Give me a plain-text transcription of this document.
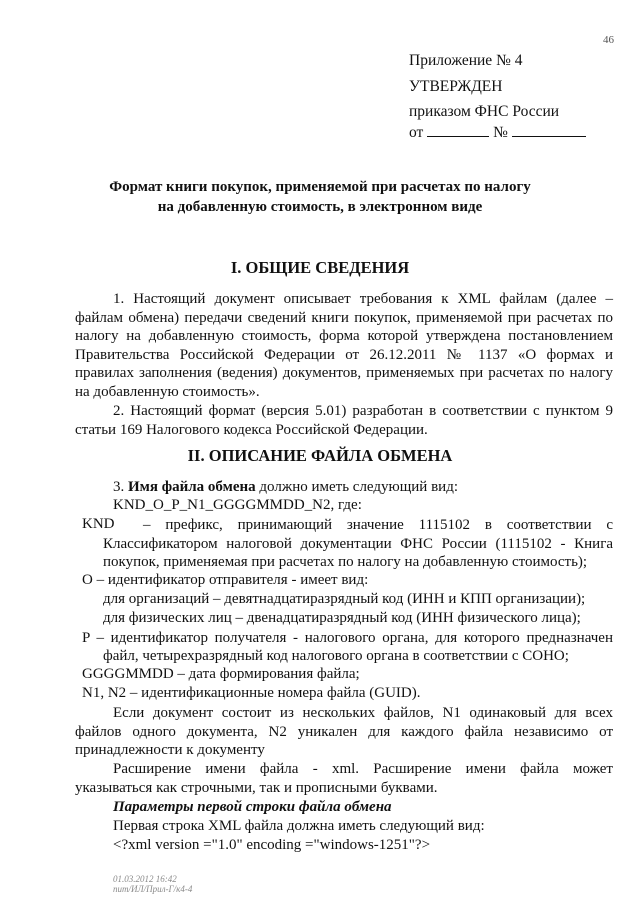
46
Приложение № 4
УТВЕРЖДЕН
приказом ФНС России
от	№
Формат книги покупок, применяемой при расчетах по налогу
на добавленную стоимость, в электронном виде
I. ОБЩИЕ СВЕДЕНИЯ
1. Настоящий документ описывает требования к XML файлам (далее –
файлам обмена) передачи сведений книги покупок, применяемой при расчетах по
налогу на добавленную стоимость, форма которой утверждена постановлением
Правительства Российской Федерации от 26.12.2011 № 1137 «О формах и
правилах заполнения (ведения) документов, применяемых при расчетах по налогу
на добавленную стоимость».
2. Настоящий формат (версия 5.01) разработан в соответствии с пунктом 9
статьи 169 Налогового кодекса Российской Федерации.
II. ОПИСАНИЕ ФАЙЛА ОБМЕНА
3. Имя файла обмена должно иметь следующий вид:
KND_O_P_N1_GGGGMMDD_N2, где:
KND – префикс, принимающий значение 1115102 в соответствии с
Классификатором налоговой документации ФНС России (1115102 - Книга
покупок, применяемая при расчетах по налогу на добавленную стоимость);
O – идентификатор отправителя - имеет вид:
для организаций – девятнадцатиразрядный код (ИНН и КПП организации);
для физических лиц – двенадцатиразрядный код (ИНН физического лица);
P – идентификатор получателя - налогового органа, для которого предназначен
файл, четырехразрядный код налогового органа в соответствии с СОНО;
GGGGMMDD – дата формирования файла;
N1, N2 – идентификационные номера файла (GUID).
Если документ состоит из нескольких файлов, N1 одинаковый для всех
файлов одного документа, N2 уникален для каждого файла независимо от
принадлежности к документу
Расширение имени файла - xml. Расширение имени файла может
указываться как строчными, так и прописными буквами.
Параметры первой строки файла обмена
Первая строка XML файла должна иметь следующий вид:
<?xml version ="1.0" encoding ="windows-1251"?>
01.03.2012 16:42
пит/ИЛ/Прил-Г/к4-4
